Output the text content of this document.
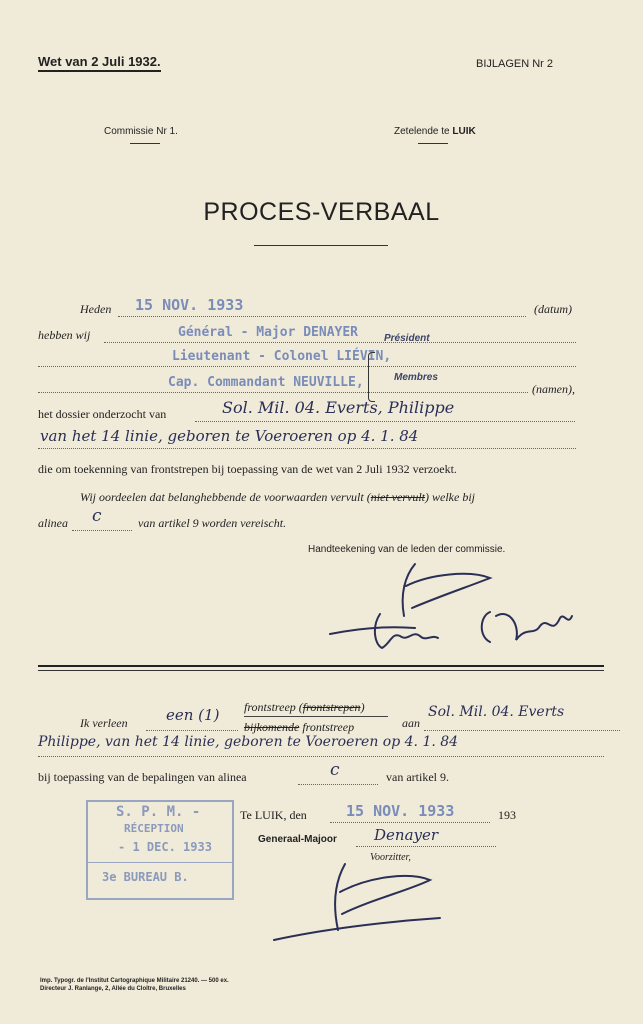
Wet van 2 Juli 1932.	BIJLAGEN Nr 2
Commissie Nr 1.	Zetelende te LUIK
PROCES-VERBAAL
Heden 15 NOV. 1933	(datum)
hebben wij	Général - Major DENAYER	Président
Lieutenant - Colonel LIÉVIN,
Membres
Cap. Commandant NEUVILLE,	(namen),
het dossier onderzocht van	Sol. Mil. 04. Everts, Philippe
van het 14 linie, geboren te Voeroeren op 4. 1. 84
die om toekenning van frontstrepen bij toepassing van de wet van 2 Juli 1932 verzoekt.
Wij oordeelen dat belanghebbende de voorwaarden vervult (niet vervult) welke bij
alinea c	van artikel 9 worden vereischt.
Handteekening van de leden der commissie.
Ik verleen	een (1) frontstreep (frontstrepen)
bijkomende frontstreep	aan
Sol. Mil. 04. Everts
Philippe, van het 14 linie, geboren te Voeroeren op 4. 1. 84
bij toepassing van de bepalingen van alinea	c	van artikel 9.
S. P. M. -
RÉCEPTION
- 1 DEC. 1933
3e BUREAU B.
Te LUIK, den	15 NOV. 1933	193
Generaal-Majoor Denayer
Voorzitter,
Imp. Typogr. de l'Institut Cartographique Militaire 21240. — 500 ex.
Directeur J. Ranlange, 2, Allée du Cloître, Bruxelles
